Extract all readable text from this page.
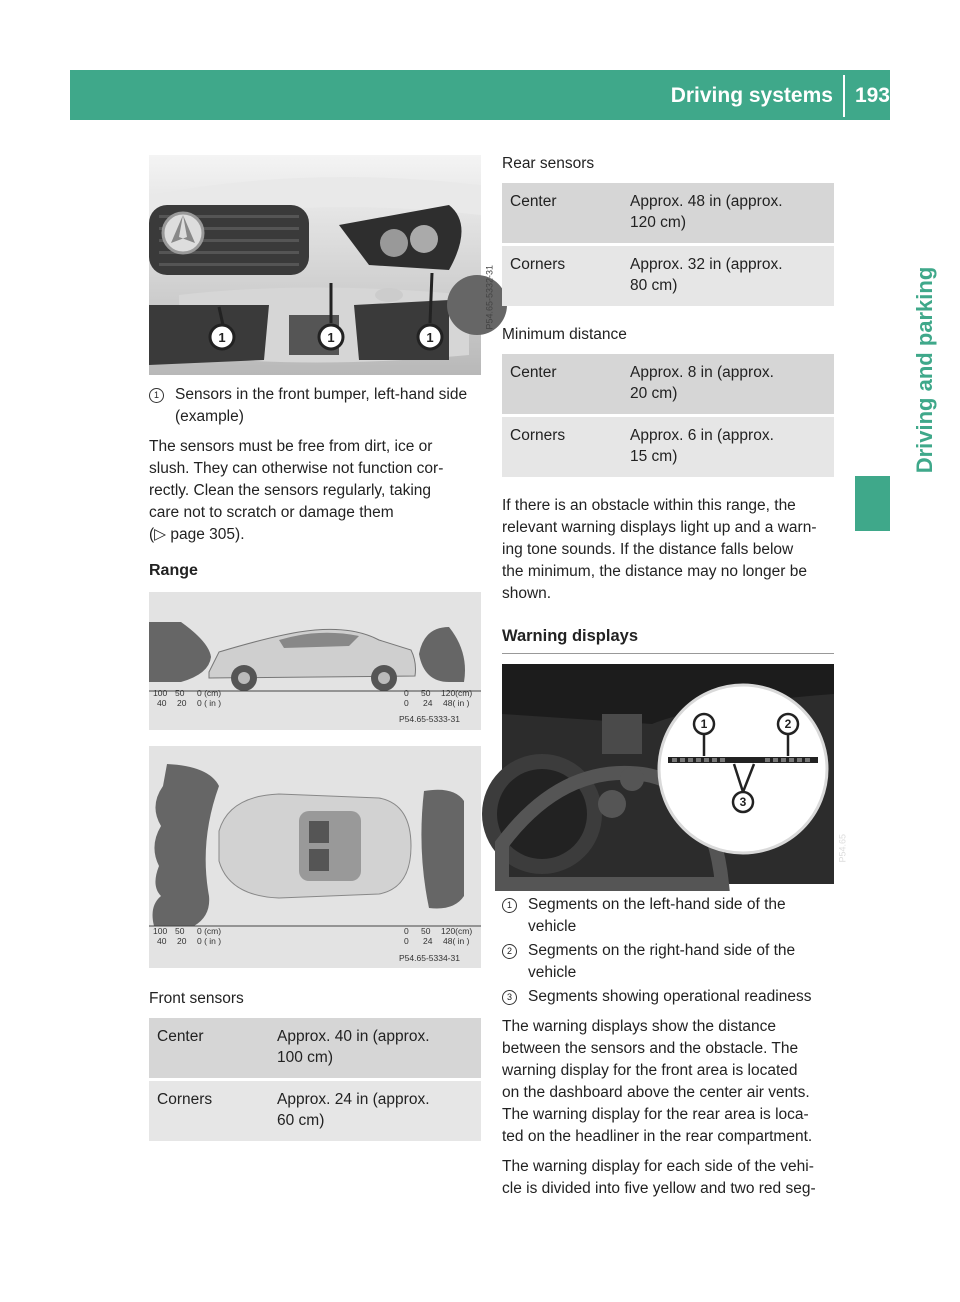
Driving systems 193
Driving and parking
1	1	1
P54.65-5332-31
1	Sensors in the front bumper, left-hand side (example)

The sensors must be free from dirt, ice or
slush. They can otherwise not function cor-
rectly. Clean the sensors regularly, taking
care not to scratch or damage them
(▷ page 305).

Range
100 50 0 (cm)
40 20 0 ( in )
0 50 120(cm)
0 24 48( in )
P54.65-5333-31
100 50 0 (cm)
40 20 0 ( in )
0 50 120(cm)
0 24 48( in )
P54.65-5334-31

Front sensors

Center	Approx. 40 in (approx.
100 cm)
Corners	Approx. 24 in (approx.
60 cm)

Rear sensors

Center	Approx. 48 in (approx.
120 cm)
Corners	Approx. 32 in (approx.
80 cm)

Minimum distance

Center	Approx. 8 in (approx.
20 cm)
Corners	Approx. 6 in (approx.
15 cm)

If there is an obstacle within this range, the
relevant warning displays light up and a warn-
ing tone sounds. If the distance falls below
the minimum, the distance may no longer be
shown.

Warning displays
1	2
3
P54.65
1	Segments on the left-hand side of the
vehicle
2	Segments on the right-hand side of the
vehicle
3	Segments showing operational readiness

The warning displays show the distance
between the sensors and the obstacle. The
warning display for the front area is located
on the dashboard above the center air vents.
The warning display for the rear area is loca-
ted on the headliner in the rear compartment.

The warning display for each side of the vehi-
cle is divided into five yellow and two red seg-
